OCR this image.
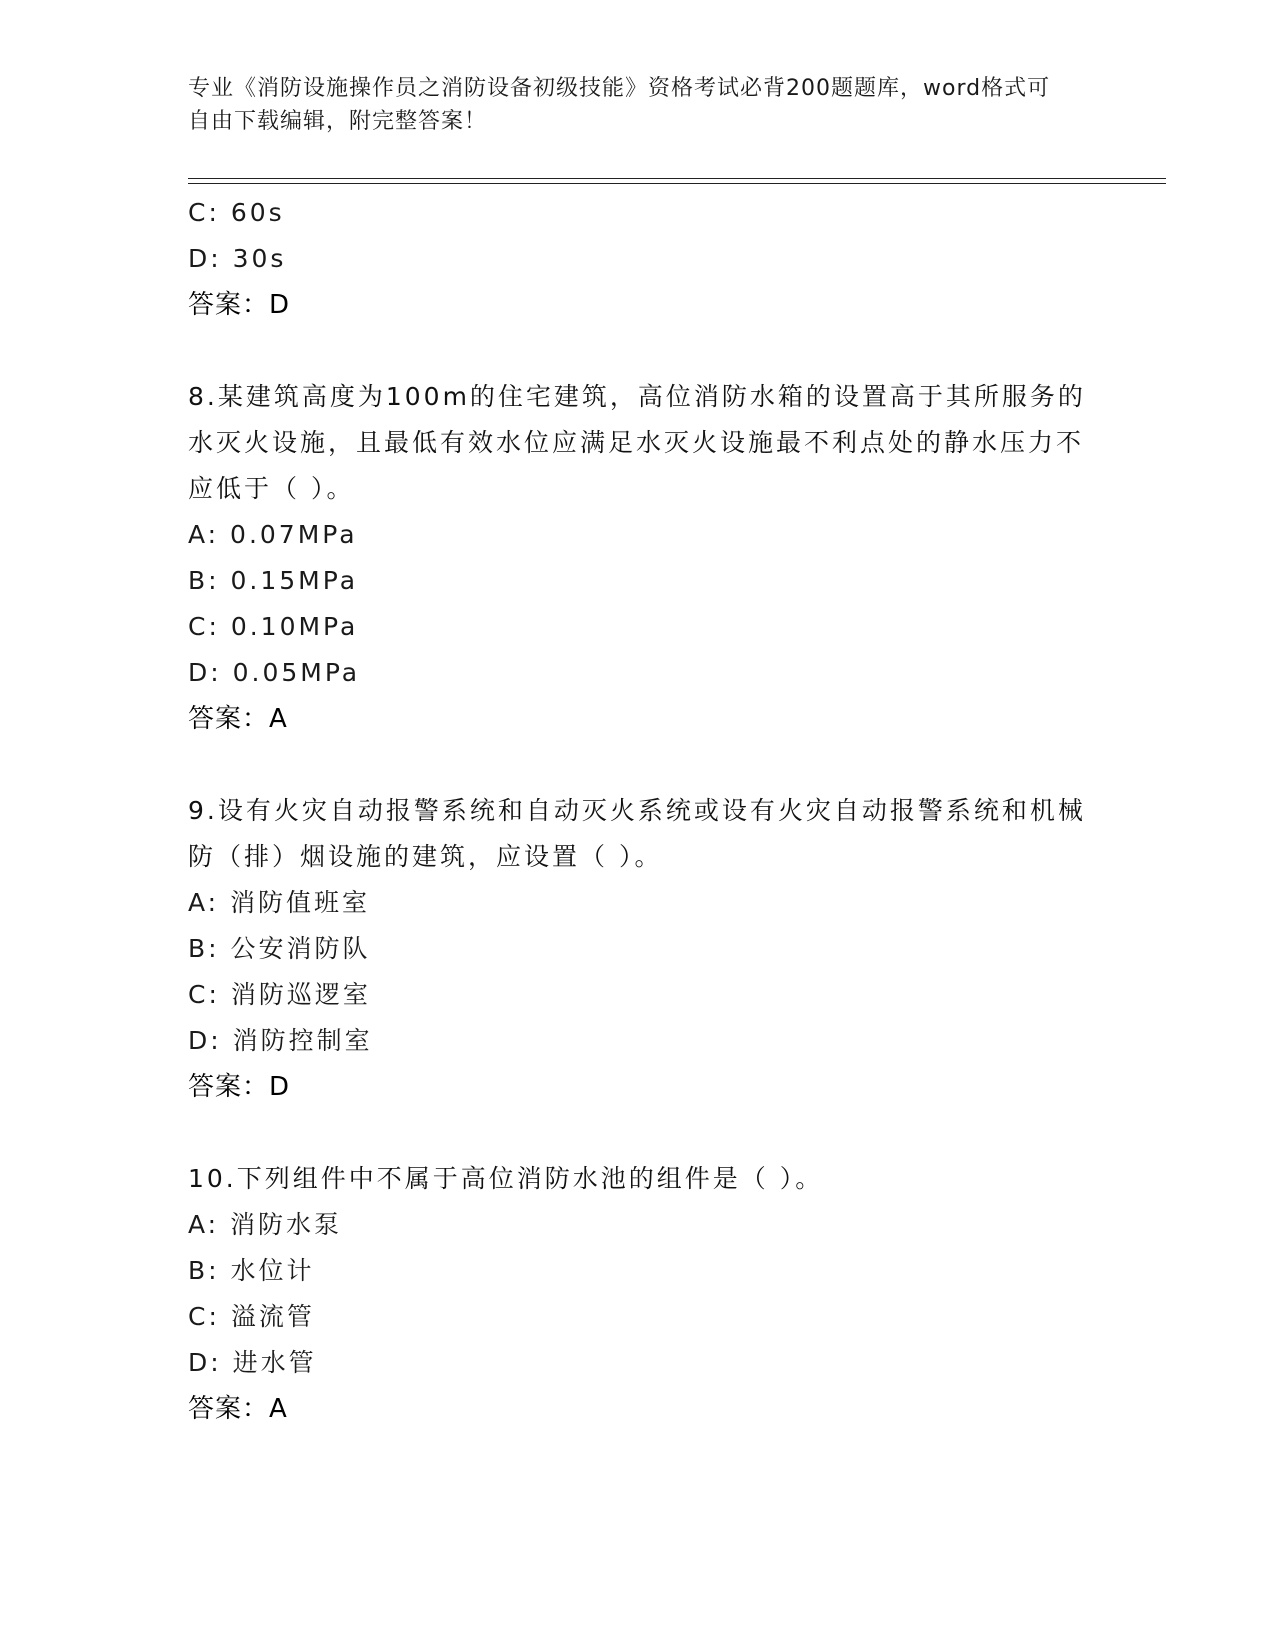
专业《消防设施操作员之消防设备初级技能》资格考试必背200题题库，word格式可自由下载编辑，附完整答案！
C: 60s
D: 30s
答案：D
8.某建筑高度为100m的住宅建筑，高位消防水箱的设置高于其所服务的水灭火设施，且最低有效水位应满足水灭火设施最不利点处的静水压力不应低于（ ）。
A: 0.07MPa
B: 0.15MPa
C: 0.10MPa
D: 0.05MPa
答案：A
9.设有火灾自动报警系统和自动灭火系统或设有火灾自动报警系统和机械防（排）烟设施的建筑，应设置（ ）。
A: 消防值班室
B: 公安消防队
C: 消防巡逻室
D: 消防控制室
答案：D
10.下列组件中不属于高位消防水池的组件是（ ）。
A: 消防水泵
B: 水位计
C: 溢流管
D: 进水管
答案：A
